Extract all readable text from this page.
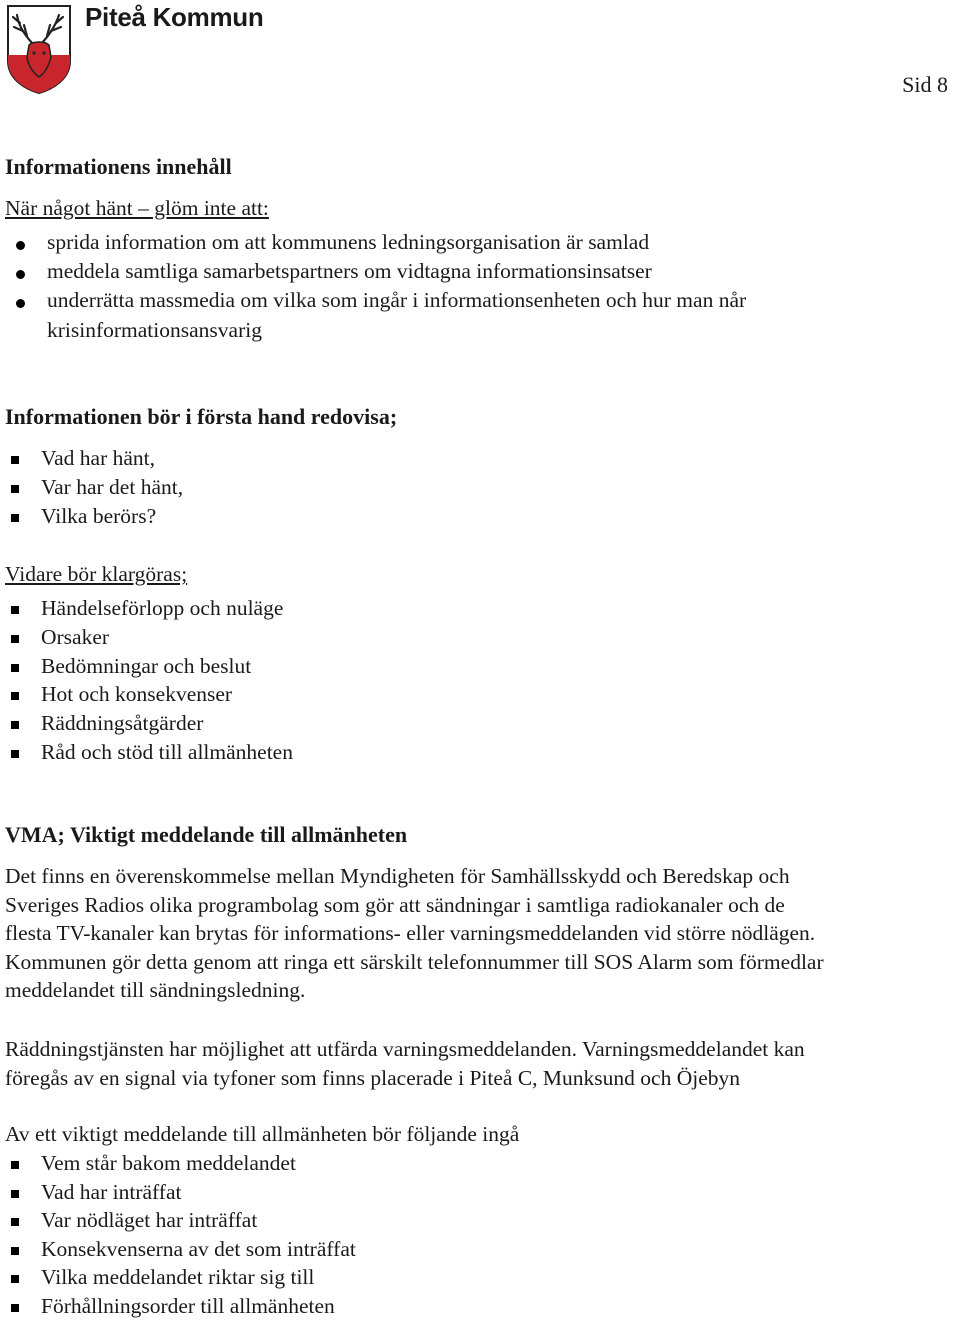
Piteå Kommun
Sid 8
Informationens innehåll
När något hänt – glöm inte att:
sprida information om att kommunens ledningsorganisation är samlad
meddela samtliga samarbetspartners om vidtagna informationsinsatser
underrätta massmedia om vilka som ingår i informationsenheten och hur man når
krisinformationsansvarig
Informationen bör i första hand redovisa;
Vad har hänt,
Var har det hänt,
Vilka berörs?
Vidare bör klargöras;
Händelseförlopp och nuläge
Orsaker
Bedömningar och beslut
Hot och konsekvenser
Räddningsåtgärder
Råd och stöd till allmänheten
VMA; Viktigt meddelande till allmänheten
Det finns en överenskommelse mellan Myndigheten för Samhällsskydd och Beredskap och
Sveriges Radios olika programbolag som gör att sändningar i samtliga radiokanaler och de
flesta TV-kanaler kan brytas för informations- eller varningsmeddelanden vid större nödlägen.
Kommunen gör detta genom att ringa ett särskilt telefonnummer till SOS Alarm som förmedlar
meddelandet till sändningsledning.
Räddningstjänsten har möjlighet att utfärda varningsmeddelanden. Varningsmeddelandet kan
föregås av en signal via tyfoner som finns placerade i Piteå C, Munksund och Öjebyn
Av ett viktigt meddelande till allmänheten bör följande ingå
Vem står bakom meddelandet
Vad har inträffat
Var nödläget har inträffat
Konsekvenserna av det som inträffat
Vilka meddelandet riktar sig till
Förhållningsorder till allmänheten
